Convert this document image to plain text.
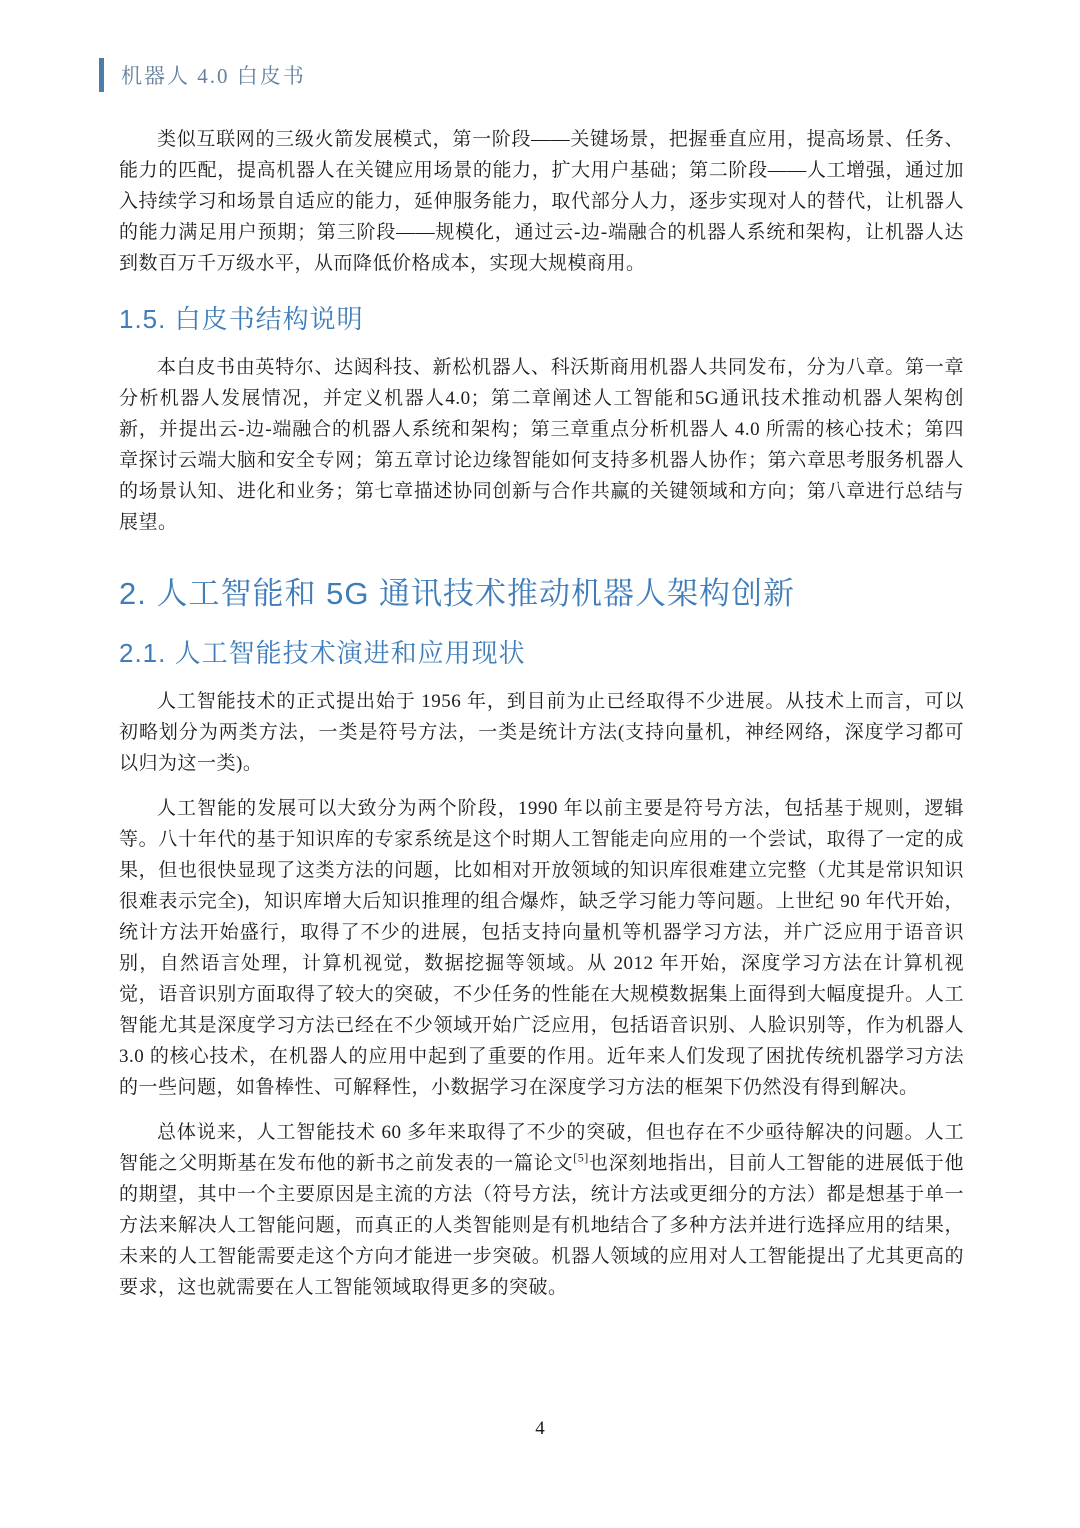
机器人 4.0 白皮书

类似互联网的三级火箭发展模式，第一阶段——关键场景，把握垂直应用，提高场景、任务、能力的匹配，提高机器人在关键应用场景的能力，扩大用户基础；第二阶段——人工增强，通过加入持续学习和场景自适应的能力，延伸服务能力，取代部分人力，逐步实现对人的替代，让机器人的能力满足用户预期；第三阶段——规模化，通过云-边-端融合的机器人系统和架构，让机器人达到数百万千万级水平，从而降低价格成本，实现大规模商用。

1.5. 白皮书结构说明

本白皮书由英特尔、达闼科技、新松机器人、科沃斯商用机器人共同发布，分为八章。第一章分析机器人发展情况，并定义机器人4.0；第二章阐述人工智能和5G通讯技术推动机器人架构创新，并提出云-边-端融合的机器人系统和架构；第三章重点分析机器人 4.0 所需的核心技术；第四章探讨云端大脑和安全专网；第五章讨论边缘智能如何支持多机器人协作；第六章思考服务机器人的场景认知、进化和业务；第七章描述协同创新与合作共赢的关键领域和方向；第八章进行总结与展望。

2. 人工智能和 5G 通讯技术推动机器人架构创新
2.1. 人工智能技术演进和应用现状

人工智能技术的正式提出始于 1956 年，到目前为止已经取得不少进展。从技术上而言，可以初略划分为两类方法，一类是符号方法，一类是统计方法(支持向量机，神经网络，深度学习都可以归为这一类)。

人工智能的发展可以大致分为两个阶段，1990 年以前主要是符号方法，包括基于规则，逻辑等。八十年代的基于知识库的专家系统是这个时期人工智能走向应用的一个尝试，取得了一定的成果，但也很快显现了这类方法的问题，比如相对开放领域的知识库很难建立完整（尤其是常识知识很难表示完全)，知识库增大后知识推理的组合爆炸，缺乏学习能力等问题。上世纪 90 年代开始，统计方法开始盛行，取得了不少的进展，包括支持向量机等机器学习方法，并广泛应用于语音识别，自然语言处理，计算机视觉，数据挖掘等领域。从 2012 年开始，深度学习方法在计算机视觉，语音识别方面取得了较大的突破，不少任务的性能在大规模数据集上面得到大幅度提升。人工智能尤其是深度学习方法已经在不少领域开始广泛应用，包括语音识别、人脸识别等，作为机器人 3.0 的核心技术，在机器人的应用中起到了重要的作用。近年来人们发现了困扰传统机器学习方法的一些问题，如鲁棒性、可解释性，小数据学习在深度学习方法的框架下仍然没有得到解决。

总体说来，人工智能技术 60 多年来取得了不少的突破，但也存在不少亟待解决的问题。人工智能之父明斯基在发布他的新书之前发表的一篇论文[5]也深刻地指出，目前人工智能的进展低于他的期望，其中一个主要原因是主流的方法（符号方法，统计方法或更细分的方法）都是想基于单一方法来解决人工智能问题，而真正的人类智能则是有机地结合了多种方法并进行选择应用的结果，未来的人工智能需要走这个方向才能进一步突破。机器人领域的应用对人工智能提出了尤其更高的要求，这也就需要在人工智能领域取得更多的突破。

4
